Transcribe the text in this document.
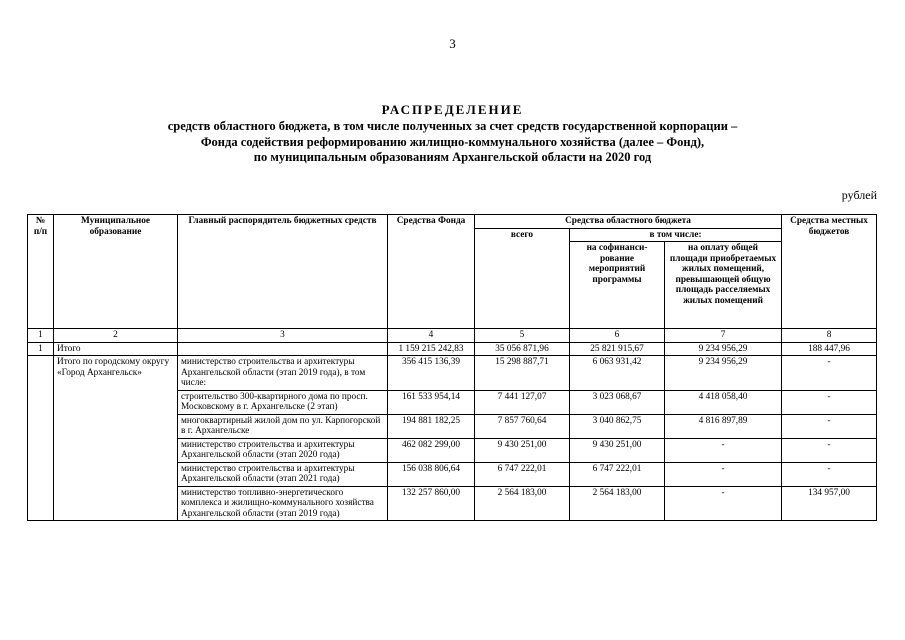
3
РАСПРЕДЕЛЕНИЕ
средств областного бюджета, в том числе полученных за счет средств государственной корпорации –
Фонда содействия реформированию жилищно-коммунального хозяйства (далее – Фонд),
по муниципальным образованиям Архангельской области на 2020 год
рублей
№ п/п	Муниципальное образование	Главный распорядитель бюджетных средств	Средства Фонда	Средства областного бюджета			Средства местных бюджетов
				всего	в том числе:		
					на софинанси-рование мероприятий программы	на оплату общей площади приобретаемых жилых помещений, превышающей общую площадь расселяемых жилых помещений	
1	2	3	4	5	6	7	8
1	Итого		1 159 215 242,83	35 056 871,96	25 821 915,67	9 234 956,29	188 447,96
	Итого по городскому округу «Город Архангельск»	министерство строительства и архитектуры Архангельской области (этап 2019 года), в том числе:	356 415 136,39	15 298 887,71	6 063 931,42	9 234 956,29	-
		строительство 300-квартирного дома по просп. Московскому в г. Архангельске (2 этап)	161 533 954,14	7 441 127,07	3 023 068,67	4 418 058,40	-
		многоквартирный жилой дом по ул. Карпогорской в г. Архангельске	194 881 182,25	7 857 760,64	3 040 862,75	4 816 897,89	-
		министерство строительства и архитектуры Архангельской области (этап 2020 года)	462 082 299,00	9 430 251,00	9 430 251,00	-	-
		министерство строительства и архитектуры Архангельской области (этап 2021 года)	156 038 806,64	6 747 222,01	6 747 222,01	-	-
		министерство топливно-энергетического комплекса и жилищно-коммунального хозяйства Архангельской области (этап 2019 года)	132 257 860,00	2 564 183,00	2 564 183,00	-	134 957,00
